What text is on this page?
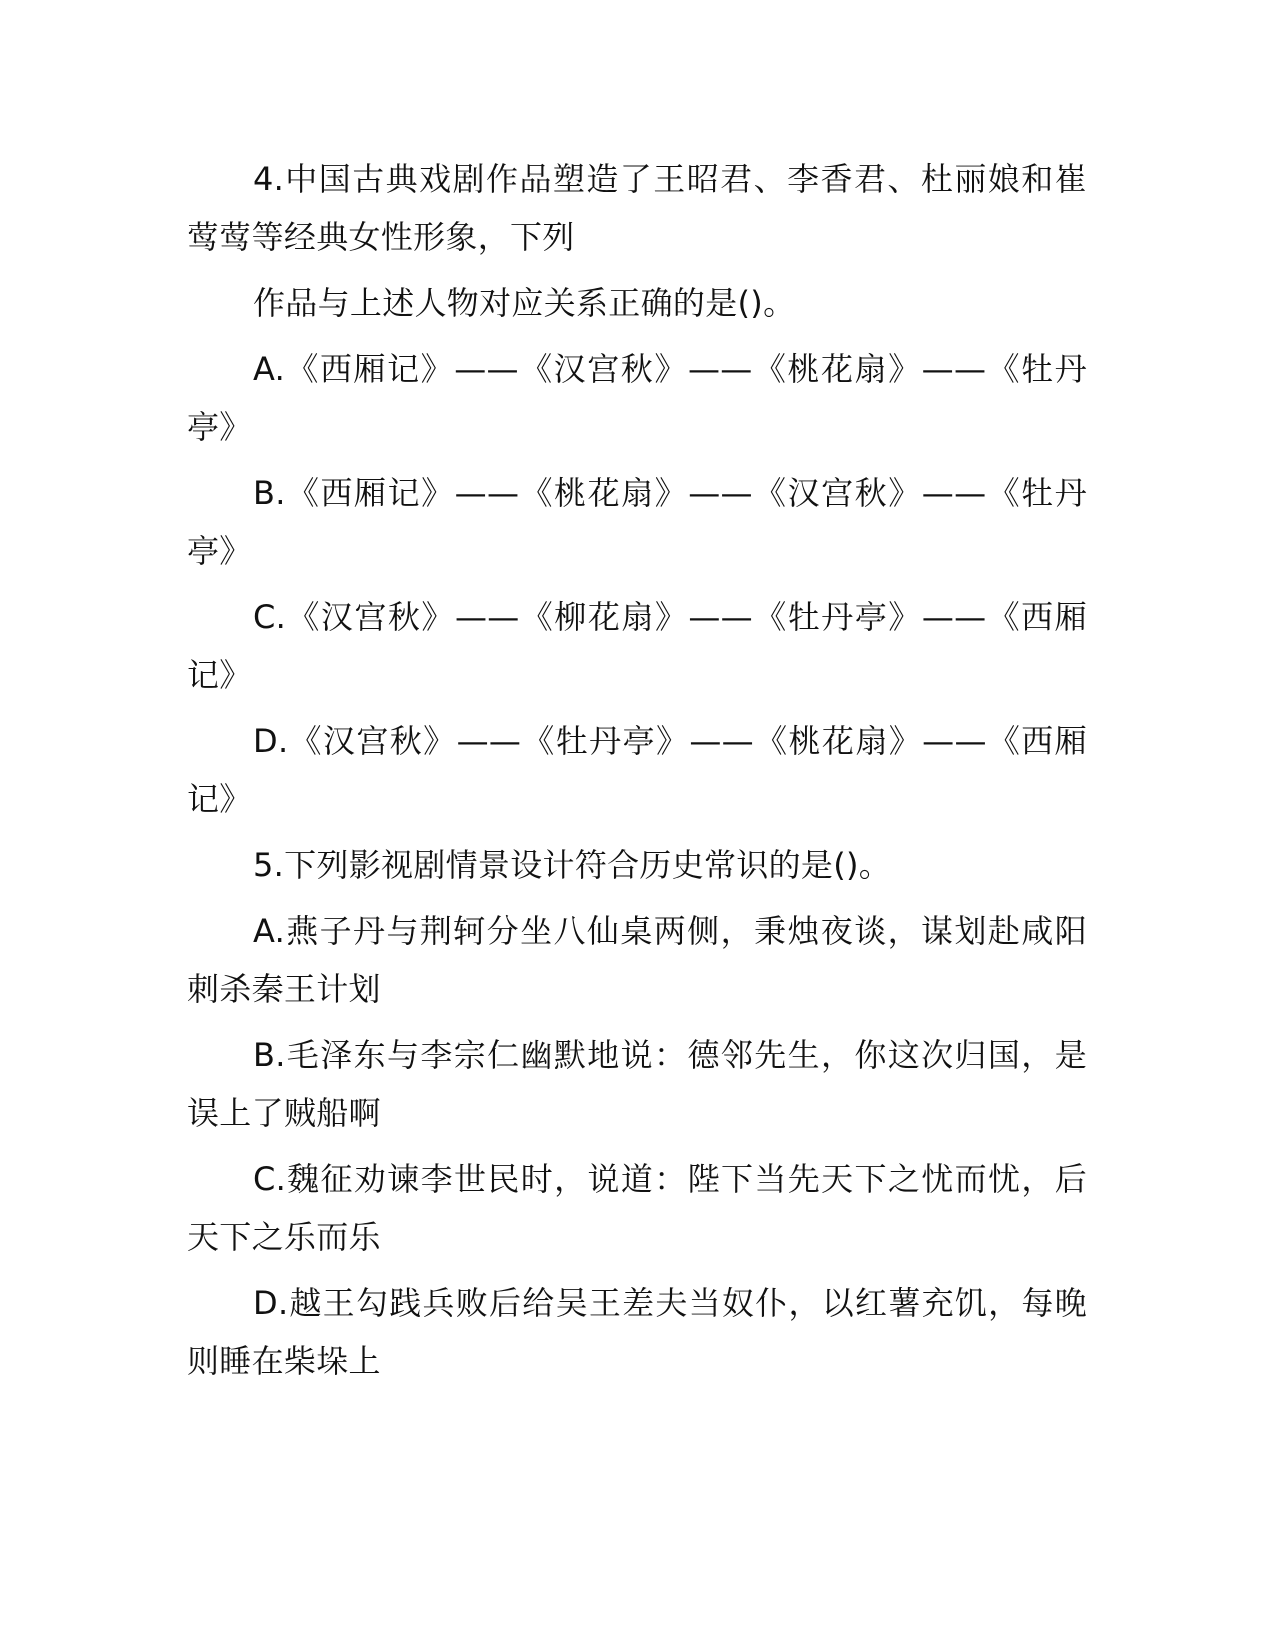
4.中国古典戏剧作品塑造了王昭君、李香君、杜丽娘和崔莺莺等经典女性形象，下列

作品与上述人物对应关系正确的是()。

A.《西厢记》——《汉宫秋》——《桃花扇》——《牡丹亭》

B.《西厢记》——《桃花扇》——《汉宫秋》——《牡丹亭》

C.《汉宫秋》——《柳花扇》——《牡丹亭》——《西厢记》

D.《汉宫秋》——《牡丹亭》——《桃花扇》——《西厢记》

5.下列影视剧情景设计符合历史常识的是()。

A.燕子丹与荆轲分坐八仙桌两侧，秉烛夜谈，谋划赴咸阳刺杀秦王计划

B.毛泽东与李宗仁幽默地说：德邻先生，你这次归国，是误上了贼船啊

C.魏征劝谏李世民时，说道：陛下当先天下之忧而忧，后天下之乐而乐

D.越王勾践兵败后给吴王差夫当奴仆，以红薯充饥，每晚则睡在柴垛上
